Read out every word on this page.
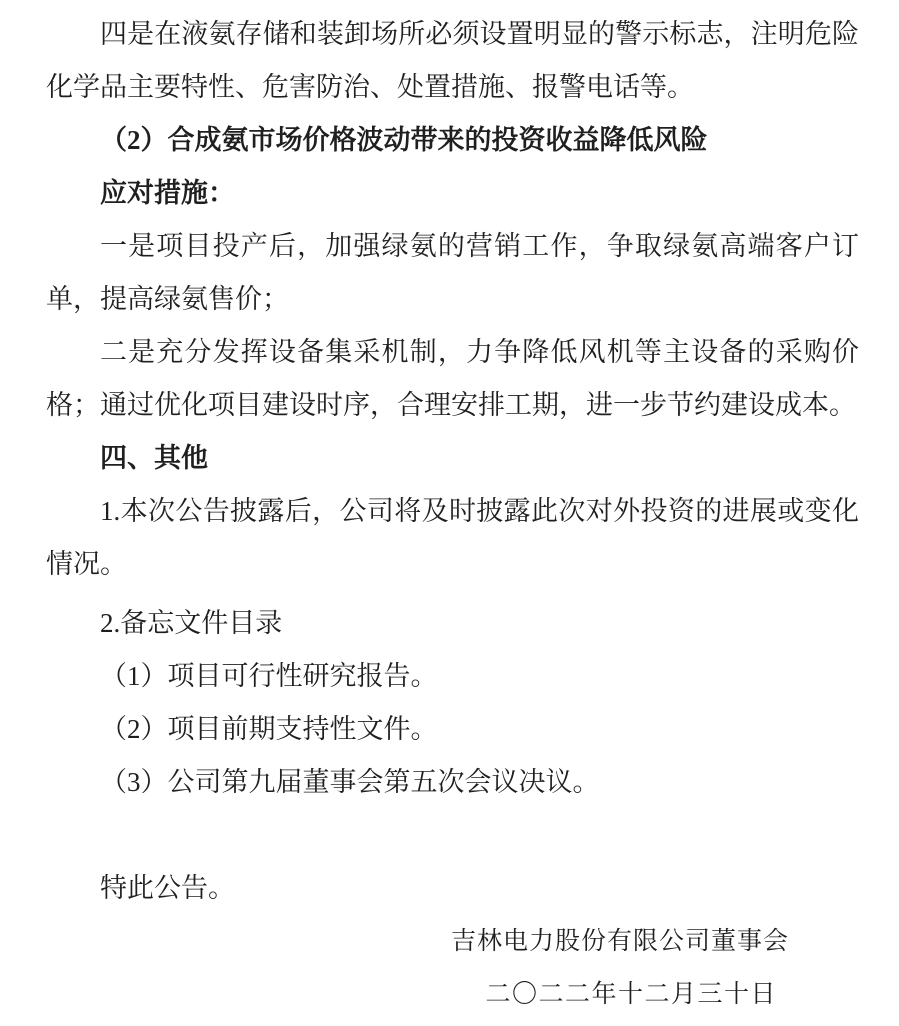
四是在液氨存储和装卸场所必须设置明显的警示标志，注明危险化学品主要特性、危害防治、处置措施、报警电话等。

（2）合成氨市场价格波动带来的投资收益降低风险

应对措施：

一是项目投产后，加强绿氨的营销工作，争取绿氨高端客户订单，提高绿氨售价；

二是充分发挥设备集采机制，力争降低风机等主设备的采购价格；通过优化项目建设时序，合理安排工期，进一步节约建设成本。

四、其他

1.本次公告披露后，公司将及时披露此次对外投资的进展或变化情况。

2.备忘文件目录

（1）项目可行性研究报告。

（2）项目前期支持性文件。

（3）公司第九届董事会第五次会议决议。

特此公告。

吉林电力股份有限公司董事会

二〇二二年十二月三十日
